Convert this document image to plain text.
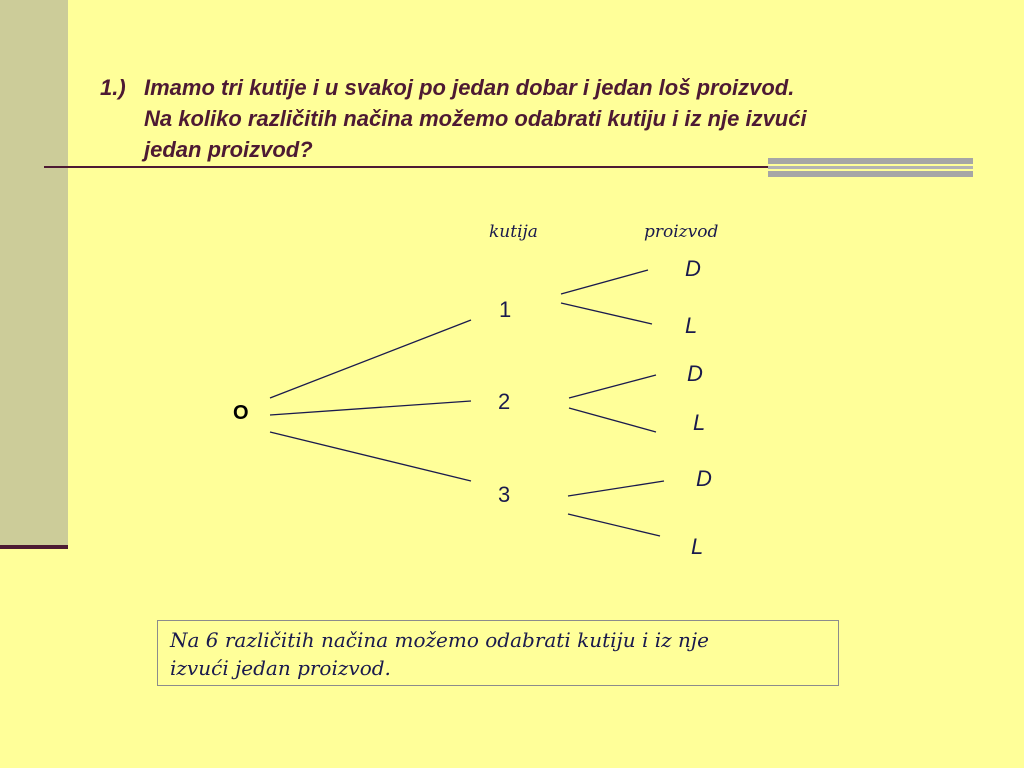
1.) Imamo tri kutije i u svakoj po jedan dobar i jedan loš proizvod.
Na koliko različitih načina možemo odabrati kutiju i iz nje izvući
jedan proizvod?
kutija	proizvod
O
1
2
3
D
L
D
L
D
L
Na 6 različitih načina možemo odabrati kutiju i iz nje
izvući jedan proizvod.
